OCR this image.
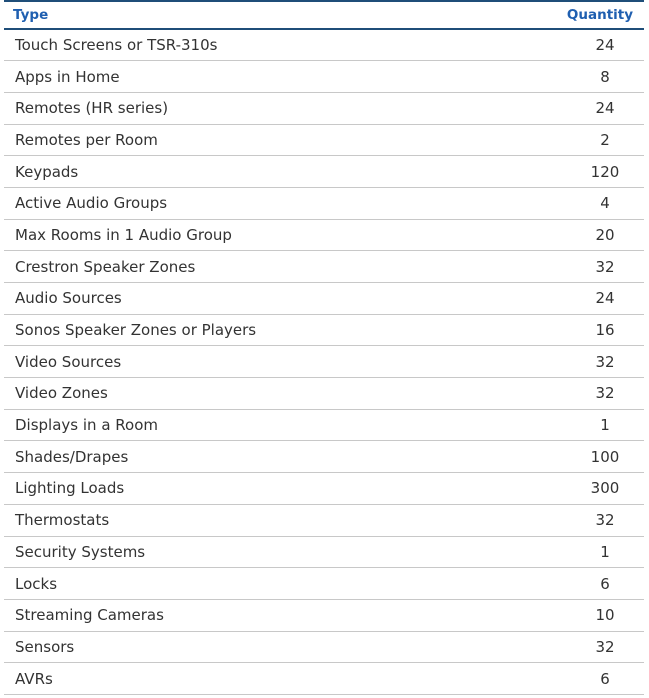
Type	Quantity
Touch Screens or TSR-310s	24
Apps in Home	8
Remotes (HR series)	24
Remotes per Room	2
Keypads	120
Active Audio Groups	4
Max Rooms in 1 Audio Group	20
Crestron Speaker Zones	32
Audio Sources	24
Sonos Speaker Zones or Players	16
Video Sources	32
Video Zones	32
Displays in a Room	1
Shades/Drapes	100
Lighting Loads	300
Thermostats	32
Security Systems	1
Locks	6
Streaming Cameras	10
Sensors	32
AVRs	6
